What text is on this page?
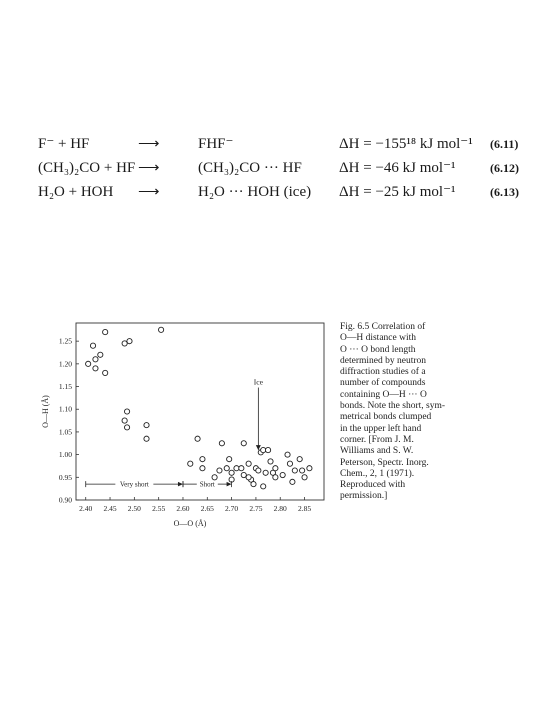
F⁻ + HF	⟶	FHF⁻	ΔH = −155¹⁸ kJ mol⁻¹ (6.11)
(CH₃)₂CO + HF ⟶	(CH₃)₂CO ··· HF ΔH = −46 kJ mol⁻¹	(6.12)
H₂O + HOH ⟶	H₂O ··· HOH (ice) ΔH = −25 kJ mol⁻¹	(6.13)
2.40 2.45 2.50 2.55 2.60 2.65 2.70 2.75 2.80 2.85
0.90
0.95
1.00
1.05
1.10
1.15
1.20
1.25
O—O (Å)
O—H (Å)
Ice
Very short	Short
Fig. 6.5 Correlation of
O—H distance with
O ··· O bond length
determined by neutron
diffraction studies of a
number of compounds
containing O—H ··· O
bonds. Note the short, sym-
metrical bonds clumped
in the upper left hand
corner. [From J. M.
Williams and S. W.
Peterson, Spectr. Inorg.
Chem., 2, 1 (1971).
Reproduced with
permission.]
